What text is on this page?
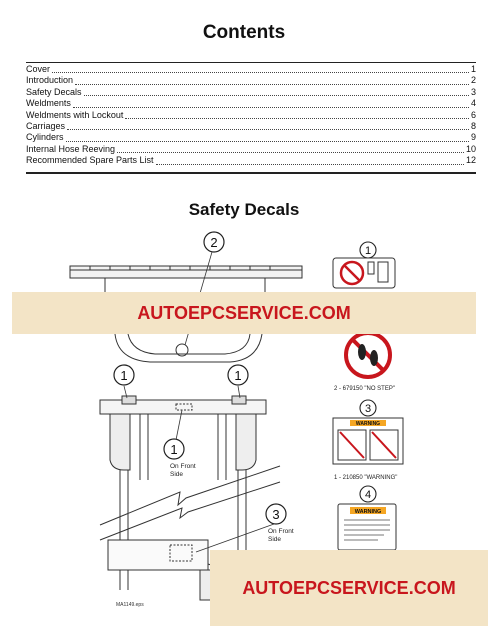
Contents
Cover	1
Introduction	2
Safety Decals	3
Weldments	4
Weldments with Lockout	6
Carriages	8
Cylinders	9
Internal Hose Reeving	10
Recommended Spare Parts List	12
Safety Decals
2
1	1
1
On Front
Side
3
On Front
Side
MA1149.eps
1
2 - 679150 "NO STEP"
3
WARNING
1 - 210850 "WARNING"
4
WARNING
AUTOEPCSERVICE.COM
AUTOEPCSERVICE.COM
